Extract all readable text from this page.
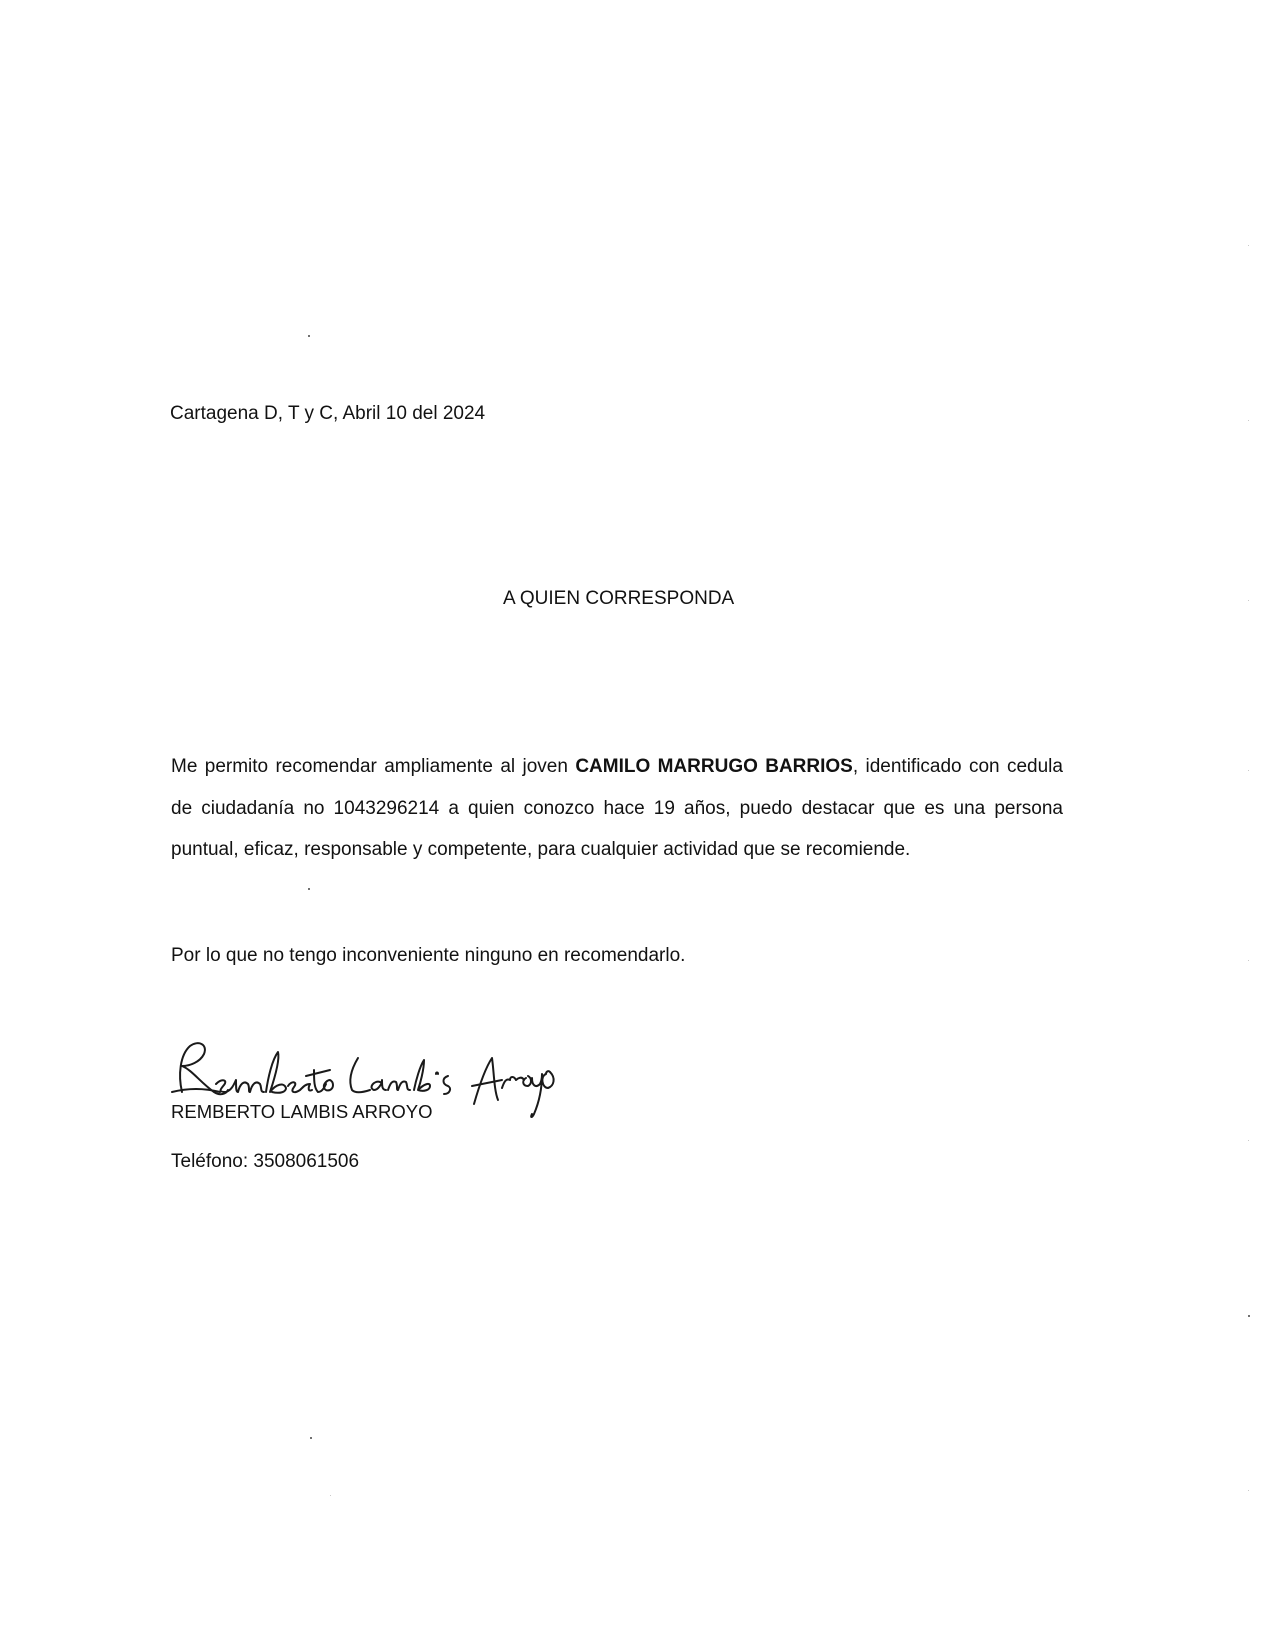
Cartagena D, T y C, Abril 10 del 2024
A QUIEN CORRESPONDA
Me permito recomendar ampliamente al joven CAMILO MARRUGO BARRIOS, identificado con cedula de ciudadanía no 1043296214 a quien conozco hace 19 años, puedo destacar que es una persona puntual, eficaz, responsable y competente, para cualquier actividad que se recomiende.
Por lo que no tengo inconveniente ninguno en recomendarlo.
REMBERTO LAMBIS ARROYO
Teléfono: 3508061506
